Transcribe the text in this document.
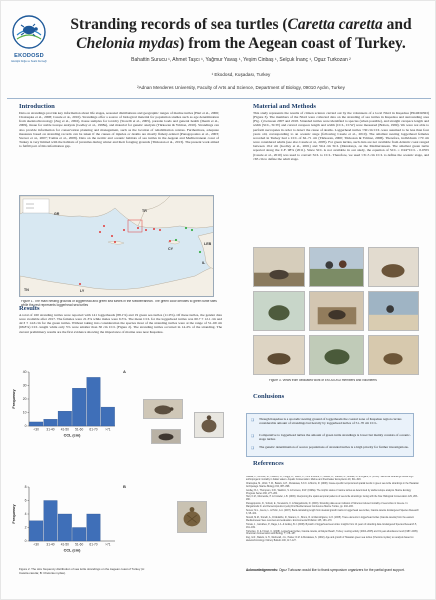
EKODOSD
Ekolojik Doğa ve Sualtı Derneği
Stranding records of sea turtles (Caretta caretta and Chelonia mydas) from the Aegean coast of Turkey.
Bahattin Surucu ¹, Ahmet Taşcı ¹, Yağmur Yavaş ¹, Yeşim Cinbaş ¹, Selçuk İnanç ¹, Oguz Turkozan ²
¹ Ekodosd, Kuşadası, Turkey
²Adnan Menderes University, Faculty of Arts and Science, Department of Biology, 09010 Aydın, Turkey
Introduction
Data on strandings provide key information about life stages, seasonal distributions and geographic ranges of marine turtles (Hart et al., 2006; Chaloupka et al., 2008; Casale et al., 2010). Strandings offer a source of biological material for population studies such as age determination from skeletochronology (Zug et al., 2002), tissue samples for toxicity (Storelli et al., 2005), parasite loads and general health (Deem et al., 2009), tissue for stable isotope analysis (Godley et al., 1998a), and material for genetic analysis (Türkozan & Yılmaz, 2010). Strandings can also provide information for conservation planning and management, such as the location of rehabilitation centres. Furthermore, adequate measures based on stranding records can be taken if the causes of injuries or deaths are mostly fishery-related (Panagopoulos et al., 2003; Snover et al., 2007; Tomás et al., 2008). Data on the neritic and oceanic habitats of sea turtles in the Aegean and Mediterranean coast of Turkey is very limited with the habitats of juveniles during winter and their foraging grounds (Türkozan et al., 2013). The present work aimed to fulfill part of this information gap.
GR
TR
CY
LEB
IL
TN	LY
Figure 1. The main nesting grounds of loggerhead and green sea turtles in the Mediterranean. The green color denotes to green turtle sites while the rest represents loggerhead sea turtles
Results
A total of 160 stranding turtles were reported with 141 loggerheads (88.1%) and 19 green sea turtles (11.9%). Of these turtles, the gender data were available after 2017. The females were 21.3% while males were 6.5%. The mean CCL for the loggerhead turtles was 60.7 ± 12.1 cm and 42.3 ± 14.6 cm for the green turtles. Without taking into consideration the species most of the stranding turtles were at the range of 51–69 cm (68.8%) CCL length while only 5% were smaller than 30 cm CCL (Figure 2). The stranding turtles occurred in 14.4% of the stranding. The current preliminary results are the first evidence showing the importance of marine area near Kuşadası.
0
10
20
30
40
<30 31-40 41-50 51-60 61-70 >71
CCL (cm)
Frequency
A
0
2
4
6
8
<30 31-40 41-50 51-60 61-70 >71
CCL (cm)
Frequency
B
Figure 2. The size frequency distribution of sea turtle strandings on the Aegean coast of Turkey (A: Caretta caretta; B: Chelonia mydas).
Material and Methods
This study represents the results of citizen science carried out by the volunteers of a local NGO in Kuşadası (EKODOSD) (Figure 3). The members of the NGO were collected data on the stranding of sea turtles in Kuşadası and surrounding area (Fig. 1) between 2007 and 2018. Stranded turtles were identified to species (when possible), and straight carapace length and width (SCL, SCW) and curved carapace length and width (CCL, CCW) were measured (Bolten, 1999). We were not able to perform necropsies in order to detect the cause of deaths. Loggerhead turtles <30 cm CCL were assumed to be less than four years old, corresponding to an oceanic stage (following Casale et al., 2010). The smallest nesting loggerhead females recorded in Turkey had a CCL of 62–71 cm (Türkozan, 2000; Türkozan & Yılmaz, 2008). Therefore, individuals ≥70 cm were considered adults (see also Casale et al., 2005). For green turtles, such data are not available from Atlantic coast ranged between 19.2 cm (Godley et al., 2001) and 59.4 cm SCL (Mendonça, on the Mediterranean. The smallest green turtle reported along the C.F. 98% (2011). Since SCL is not available in our study, the equation of SCL = 0.94*CCL - 0.0355 (Casale et al., 2010) was used to convert SCL to CCL. Therefore, we used ≤31.5 cm CCL to define the oceanic stage, and ≥65 cm to define the adult stage.
Figure 3. Views from dedicated work of EKODOSD members and volunteers
Conlusions
❑ Though Kuşadası is a sporadic nesting ground of loggerheads the coastal zone of Kuşadası region carries considerable amount of strandings but heavily by loggerhead turtles of 51–70 cm CCL.
❑ Comparative to loggerhead turtles the amount of green turtle strandings is lower but mainly consists of oceanic-stage turtles
❑ The genetic determination of source populations of stranded turtles is a high priority for further investigations.
References
Casale, P., Affronte, M., Insacco, G., Freggi, D., Vallini, C., Pino d'Astore, P., Basso, R., Paolillo, G., Abbate, G. & Argano, R. (2010). Sea turtle strandings reveal high anthropogenic mortality in Italian waters. Aquatic Conservation: Marine and Freshwater Ecosystems 20, 611–620.
Chaloupka, M., Work, T. M., Balazs, G.H., Murakawa, S.K.K. & Morris, R. (2008). Cause-specific temporal and spatial trends in green sea turtle strandings in the Hawaiian Archipelago. Marine Biology 154, 887–898.
Godley, B.J., Thompson, D.R., Waldron, S. & Furness, R.W. (1998a). The trophic status of marine turtles as determined by stable isotope analysis. Marine Ecology Progress Series 166, 277–284.
Hart, K.M., Mooreside, P. & Crowder, L.B. (2006). Interpreting the spatio-temporal patterns of sea turtle strandings: Going with the flow. Biological Conservation 129, 283–290.
Panagopoulos, D., Sofouli, E., Teneketzis, K. & Margaritoulis, D. (2003). Stranding data as an indicator of fisheries induced mortality of sea turtles in Greece. In: Margaritoulis D. and Demetropoulos A (eds) First Mediterranean Conference Marine Turtles, pp. 202–206.
Snover, M.L., Avens, L. & Hohn, A.A. (2007). Back-calculating length from skeletal growth marks in loggerhead sea turtles, Caretta caretta. Endangered Species Research 3, 95–104.
Storelli, M.M., Storelli, A., D'Addabbo, R., Marano, C., Bruno, R. & Marcotrigiano, G.O. (2005). Trace elements in loggerhead turtles (Caretta caretta) from the eastern Mediterranean Sea: overview and evaluation. Environmental Pollution 135, 163–170.
Tomás, J., Gozalbes, P., Raga, J.A. & Godley, B.J. (2008). Bycatch of loggerhead sea turtles: insights from 14 years of stranding data. Endangered Species Research 5, 161–169.
Türkozan, O. & Yılmaz, C. (2008). Loggerhead turtles, Caretta caretta, at Dalyan Beach, Turkey: nesting activity (2004–2005) and 19-year abundance trend (1987–2005). Chelonian Conservation and Biology 7, 178–187.
Zug, G.R., Balazs, G.H., Wetherall, J.A., Parker, D.M. & Murakawa, S. (2002). Age and growth of Hawaiian green sea turtles (Chelonia mydas): an analysis based on skeletochronology. Fishery Bulletin 100, 117–127.
Acknowledgements: Oguz Turkozan would like to thank symposium organizers for the partial grant support.
